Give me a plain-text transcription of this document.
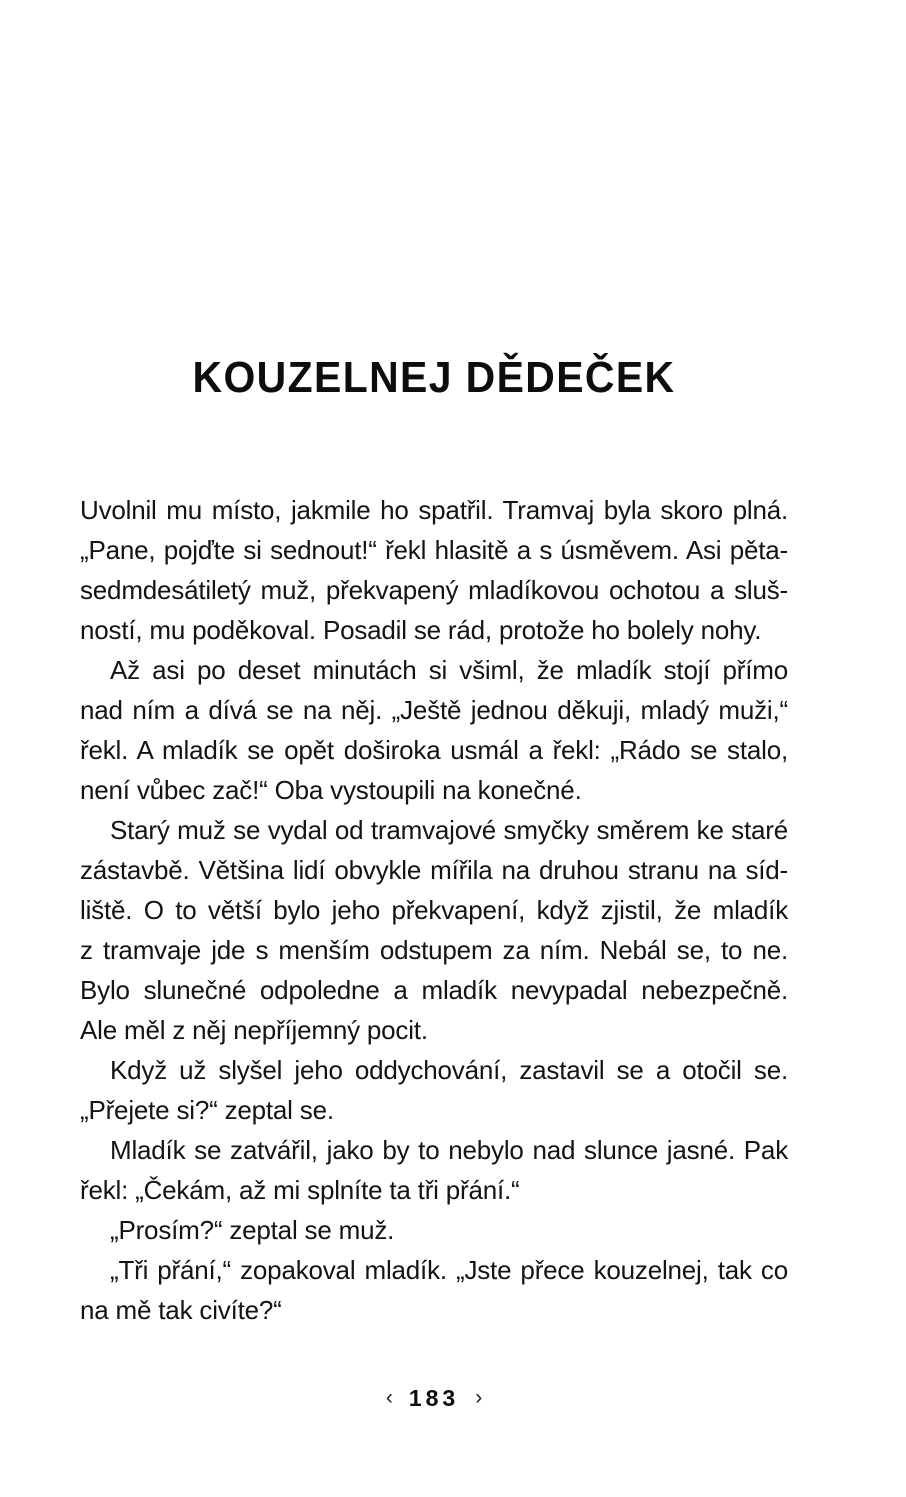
KOUZELNEJ DĚDEČEK
Uvolnil mu místo, jakmile ho spatřil. Tramvaj byla skoro plná.
„Pane, pojďte si sednout!“ řekl hlasitě a s úsměvem. Asi pěta-
sedmdesátiletý muž, překvapený mladíkovou ochotou a sluš-
ností, mu poděkoval. Posadil se rád, protože ho bolely nohy.
Až asi po deset minutách si všiml, že mladík stojí přímo
nad ním a dívá se na něj. „Ještě jednou děkuji, mladý muži,“
řekl. A mladík se opět doširoka usmál a řekl: „Rádo se stalo,
není vůbec zač!“ Oba vystoupili na konečné.
Starý muž se vydal od tramvajové smyčky směrem ke staré
zástavbě. Většina lidí obvykle mířila na druhou stranu na síd-
liště. O to větší bylo jeho překvapení, když zjistil, že mladík
z tramvaje jde s menším odstupem za ním. Nebál se, to ne.
Bylo slunečné odpoledne a mladík nevypadal nebezpečně.
Ale měl z něj nepříjemný pocit.
Když už slyšel jeho oddychování, zastavil se a otočil se.
„Přejete si?“ zeptal se.
Mladík se zatvářil, jako by to nebylo nad slunce jasné. Pak
řekl: „Čekám, až mi splníte ta tři přání.“
„Prosím?“ zeptal se muž.
„Tři přání,“ zopakoval mladík. „Jste přece kouzelnej, tak co
na mě tak civíte?“
‹ 183 ›
